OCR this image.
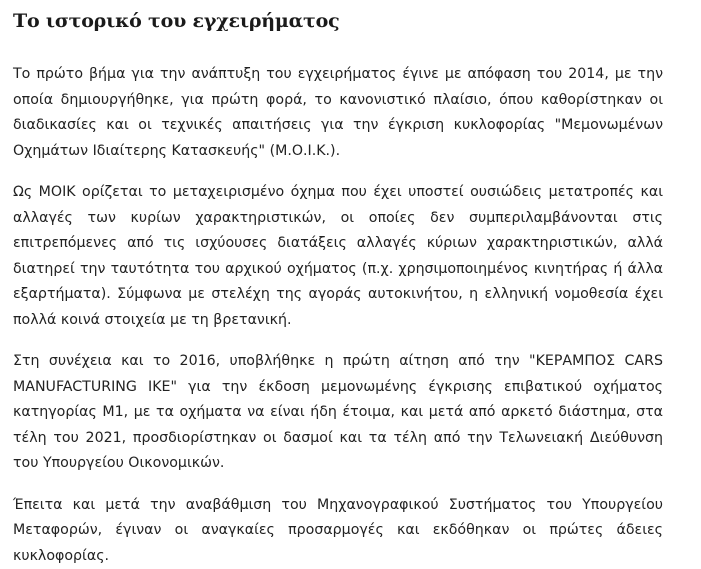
Το ιστορικό του εγχειρήματος

Το πρώτο βήμα για την ανάπτυξη του εγχειρήματος έγινε με απόφαση του 2014, με την οποία δημιουργήθηκε, για πρώτη φορά, το κανονιστικό πλαίσιο, όπου καθορίστηκαν οι διαδικασίες και οι τεχνικές απαιτήσεις για την έγκριση κυκλοφορίας "Μεμονωμένων Οχημάτων Ιδιαίτερης Κατασκευής" (Μ.Ο.Ι.Κ.).

Ως ΜΟΙΚ ορίζεται το μεταχειρισμένο όχημα που έχει υποστεί ουσιώδεις μετατροπές και αλλαγές των κυρίων χαρακτηριστικών, οι οποίες δεν συμπεριλαμβάνονται στις επιτρεπόμενες από τις ισχύουσες διατάξεις αλλαγές κύριων χαρακτηριστικών, αλλά διατηρεί την ταυτότητα του αρχικού οχήματος (π.χ. χρησιμοποιημένος κινητήρας ή άλλα εξαρτήματα). Σύμφωνα με στελέχη της αγοράς αυτοκινήτου, η ελληνική νομοθεσία έχει πολλά κοινά στοιχεία με τη βρετανική.

Στη συνέχεια και το 2016, υποβλήθηκε η πρώτη αίτηση από την "ΚΕΡΑΜΠΟΣ CARS MANUFACTURING IKE" για την έκδοση μεμονωμένης έγκρισης επιβατικού οχήματος κατηγορίας Μ1, με τα οχήματα να είναι ήδη έτοιμα, και μετά από αρκετό διάστημα, στα τέλη του 2021, προσδιορίστηκαν οι δασμοί και τα τέλη από την Τελωνειακή Διεύθυνση του Υπουργείου Οικονομικών.

Έπειτα και μετά την αναβάθμιση του Μηχανογραφικού Συστήματος του Υπουργείου Μεταφορών, έγιναν οι αναγκαίες προσαρμογές και εκδόθηκαν οι πρώτες άδειες κυκλοφορίας.
